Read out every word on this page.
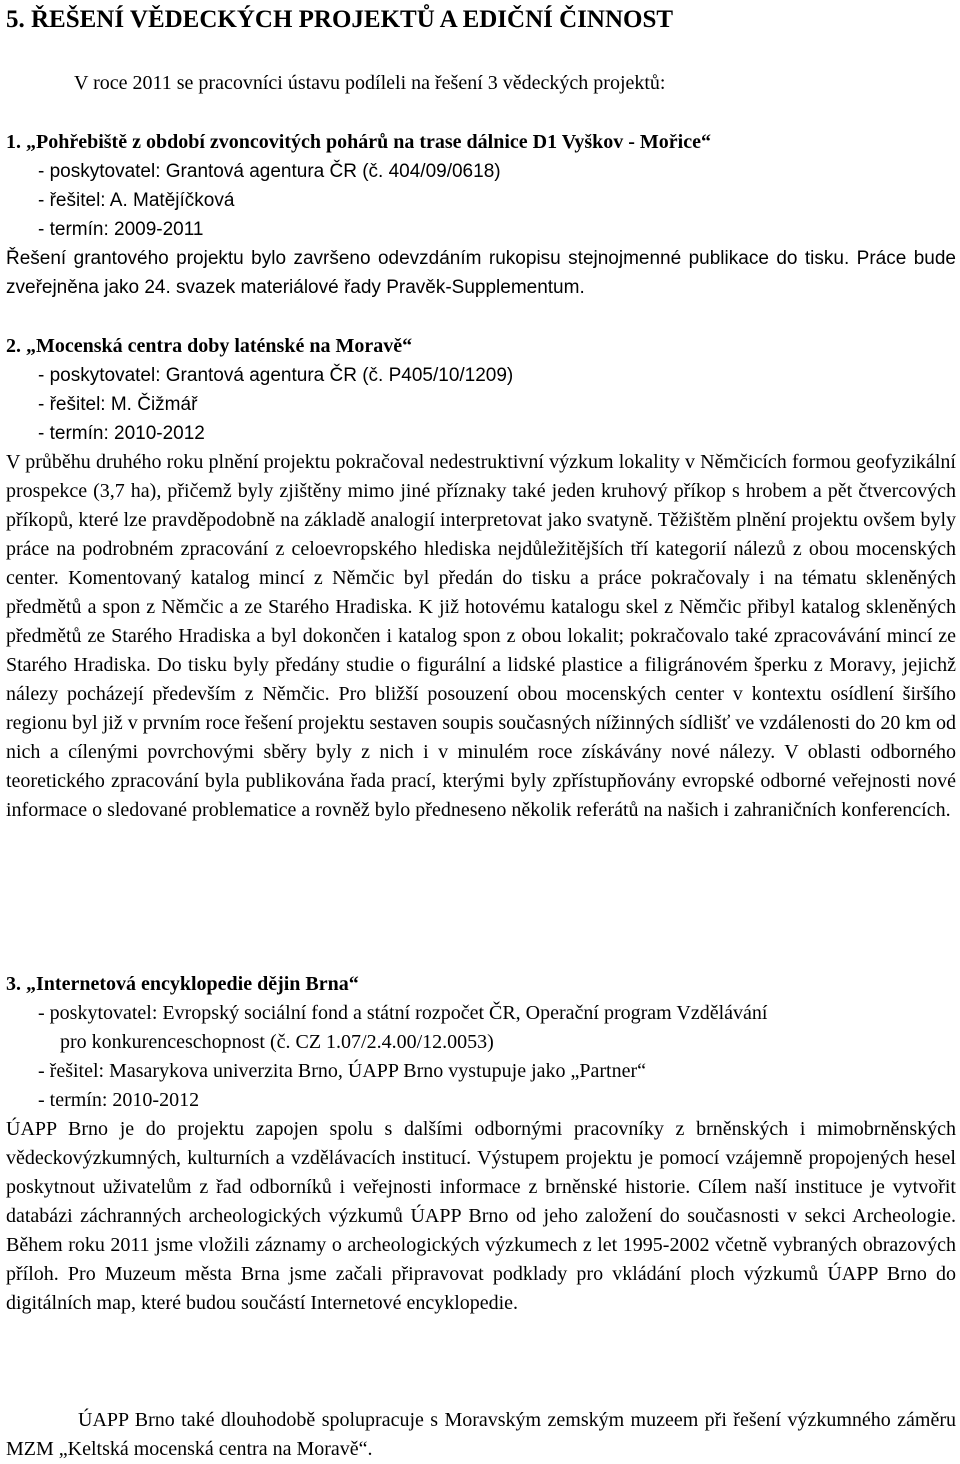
5. ŘEŠENÍ VĚDECKÝCH PROJEKTŮ A EDIČNÍ ČINNOST
V roce 2011 se pracovníci ústavu podíleli na řešení 3 vědeckých projektů:
1. „Pohřebiště z období zvoncovitých pohárů na trase dálnice D1 Vyškov - Mořice“
- poskytovatel: Grantová agentura ČR (č. 404/09/0618)
- řešitel: A. Matějíčková
- termín: 2009-2011
Řešení grantového projektu bylo završeno odevzdáním rukopisu stejnojmenné publikace do tisku. Práce bude zveřejněna jako 24. svazek materiálové řady Pravěk-Supplementum.
2. „Mocenská centra doby laténské na Moravě“
- poskytovatel: Grantová agentura ČR (č. P405/10/1209)
- řešitel: M. Čižmář
- termín: 2010-2012
V průběhu druhého roku plnění projektu pokračoval nedestruktivní výzkum lokality v Němčicích formou geofyzikální prospekce (3,7 ha), přičemž byly zjištěny mimo jiné příznaky také jeden kruhový příkop s hrobem a pět čtvercových příkopů, které lze pravděpodobně na základě analogií interpretovat jako svatyně. Těžištěm plnění projektu ovšem byly práce na podrobném zpracování z celoevropského hlediska nejdůležitějších tří kategorií nálezů z obou mocenských center. Komentovaný katalog mincí z Němčic byl předán do tisku a práce pokračovaly i na tématu skleněných předmětů a spon z Němčic a ze Starého Hradiska. K již hotovému katalogu skel z Němčic přibyl katalog skleněných předmětů ze Starého Hradiska a byl dokončen i katalog spon z obou lokalit; pokračovalo také zpracovávání mincí ze Starého Hradiska. Do tisku byly předány studie o figurální a lidské plastice a filigránovém šperku z Moravy, jejichž nálezy pocházejí především z Němčic. Pro bližší posouzení obou mocenských center v kontextu osídlení širšího regionu byl již v prvním roce řešení projektu sestaven soupis současných nížinných sídlišť ve vzdálenosti do 20 km od nich a cílenými povrchovými sběry byly z nich i v minulém roce získávány nové nálezy. V oblasti odborného teoretického zpracování byla publikována řada prací, kterými byly zpřístupňovány evropské odborné veřejnosti nové informace o sledované problematice a rovněž bylo předneseno několik referátů na našich i zahraničních konferencích.
3. „Internetová encyklopedie dějin Brna“
- poskytovatel: Evropský sociální fond a státní rozpočet ČR, Operační program Vzdělávání
pro konkurenceschopnost (č. CZ 1.07/2.4.00/12.0053)
- řešitel: Masarykova univerzita Brno, ÚAPP Brno vystupuje jako „Partner“
- termín: 2010-2012
ÚAPP Brno je do projektu zapojen spolu s dalšími odbornými pracovníky z brněnských i mimobrněnských vědeckovýzkumných, kulturních a vzdělávacích institucí. Výstupem projektu je pomocí vzájemně propojených hesel poskytnout uživatelům z řad odborníků i veřejnosti informace z brněnské historie. Cílem naší instituce je vytvořit databázi záchranných archeologických výzkumů ÚAPP Brno od jeho založení do současnosti v sekci Archeologie. Během roku 2011 jsme vložili záznamy o archeologických výzkumech z let 1995-2002 včetně vybraných obrazových příloh. Pro Muzeum města Brna jsme začali připravovat podklady pro vkládání ploch výzkumů ÚAPP Brno do digitálních map, které budou součástí Internetové encyklopedie.
ÚAPP Brno také dlouhodobě spolupracuje s Moravským zemským muzeem při řešení výzkumného záměru MZM „Keltská mocenská centra na Moravě“.
